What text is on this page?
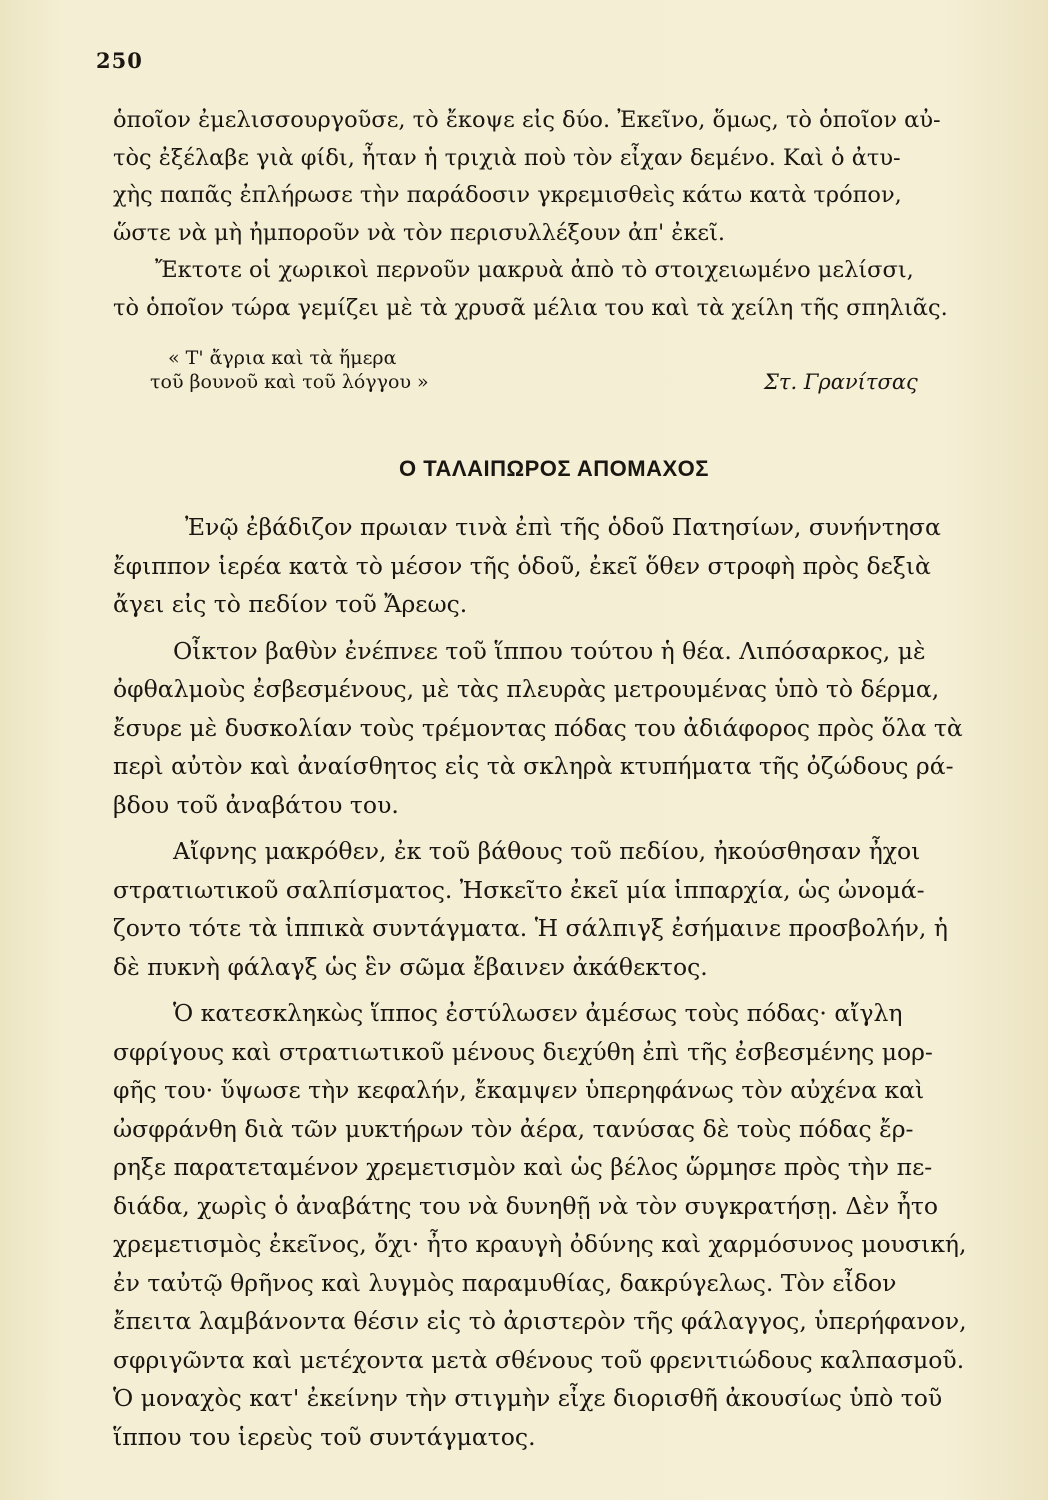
250

ὁποῖον ἐμελισσουργοῦσε, τὸ ἔκοψε εἰς δύο. Ἐκεῖνο, ὅμως, τὸ ὁποῖον αὐ-
τὸς ἐξέλαβε γιὰ φίδι, ἦταν ἡ τριχιὰ ποὺ τὸν εἶχαν δεμένο. Καὶ ὁ ἀτυ-
χὴς παπᾶς ἐπλήρωσε τὴν παράδοσιν γκρεμισθεὶς κάτω κατὰ τρόπον,
ὥστε νὰ μὴ ἠμποροῦν νὰ τὸν περισυλλέξουν ἀπ' ἐκεῖ.

Ἔκτοτε οἱ χωρικοὶ περνοῦν μακρυὰ ἀπὸ τὸ στοιχειωμένο μελίσσι,
τὸ ὁποῖον τώρα γεμίζει μὲ τὰ χρυσᾶ μέλια του καὶ τὰ χείλη τῆς σπηλιᾶς.

« Τ' ἄγρια καὶ τὰ ἥμερα
τοῦ βουνοῦ καὶ τοῦ λόγγου »	Στ. Γρανίτσας
Ο ΤΑΛΑΙΠΩΡΟΣ ΑΠΟΜΑΧΟΣ

Ἐνῷ ἐβάδιζον πρωιαν τινὰ ἐπὶ τῆς ὁδοῦ Πατησίων, συνήντησα
ἔφιππον ἱερέα κατὰ τὸ μέσον τῆς ὁδοῦ, ἐκεῖ ὅθεν στροφὴ πρὸς δεξιὰ
ἄγει εἰς τὸ πεδίον τοῦ Ἄρεως.

Οἶκτον βαθὺν ἐνέπνεε τοῦ ἵππου τούτου ἡ θέα. Λιπόσαρκος, μὲ
ὀφθαλμοὺς ἐσβεσμένους, μὲ τὰς πλευρὰς μετρουμένας ὑπὸ τὸ δέρμα,
ἔσυρε μὲ δυσκολίαν τοὺς τρέμοντας πόδας του ἀδιάφορος πρὸς ὅλα τὰ
περὶ αὐτὸν καὶ ἀναίσθητος εἰς τὰ σκληρὰ κτυπήματα τῆς ὀζώδους ρά-
βδου τοῦ ἀναβάτου του.

Αἴφνης μακρόθεν, ἐκ τοῦ βάθους τοῦ πεδίου, ἠκούσθησαν ἦχοι
στρατιωτικοῦ σαλπίσματος. Ἠσκεῖτο ἐκεῖ μία ἱππαρχία, ὡς ὠνομά-
ζοντο τότε τὰ ἱππικὰ συντάγματα. Ἡ σάλπιγξ ἐσήμαινε προσβολήν, ἡ
δὲ πυκνὴ φάλαγξ ὡς ἓν σῶμα ἔβαινεν ἀκάθεκτος.

Ὁ κατεσκληκὼς ἵππος ἐστύλωσεν ἀμέσως τοὺς πόδας· αἴγλη
σφρίγους καὶ στρατιωτικοῦ μένους διεχύθη ἐπὶ τῆς ἐσβεσμένης μορ-
φῆς του· ὕψωσε τὴν κεφαλήν, ἔκαμψεν ὑπερηφάνως τὸν αὐχένα καὶ
ὠσφράνθη διὰ τῶν μυκτήρων τὸν ἀέρα, τανύσας δὲ τοὺς πόδας ἔρ-
ρηξε παρατεταμένον χρεμετισμὸν καὶ ὡς βέλος ὥρμησε πρὸς τὴν πε-
διάδα, χωρὶς ὁ ἀναβάτης του νὰ δυνηθῇ νὰ τὸν συγκρατήσῃ. Δὲν ἦτο
χρεμετισμὸς ἐκεῖνος, ὄχι· ἦτο κραυγὴ ὀδύνης καὶ χαρμόσυνος μουσική,
ἐν ταὐτῷ θρῆνος καὶ λυγμὸς παραμυθίας, δακρύγελως. Τὸν εἶδον
ἔπειτα λαμβάνοντα θέσιν εἰς τὸ ἀριστερὸν τῆς φάλαγγος, ὑπερήφανον,
σφριγῶντα καὶ μετέχοντα μετὰ σθένους τοῦ φρενιτιώδους καλπασμοῦ.
Ὁ μοναχὸς κατ' ἐκείνην τὴν στιγμὴν εἶχε διορισθῆ ἀκουσίως ὑπὸ τοῦ
ἵππου του ἱερεὺς τοῦ συντάγματος.
